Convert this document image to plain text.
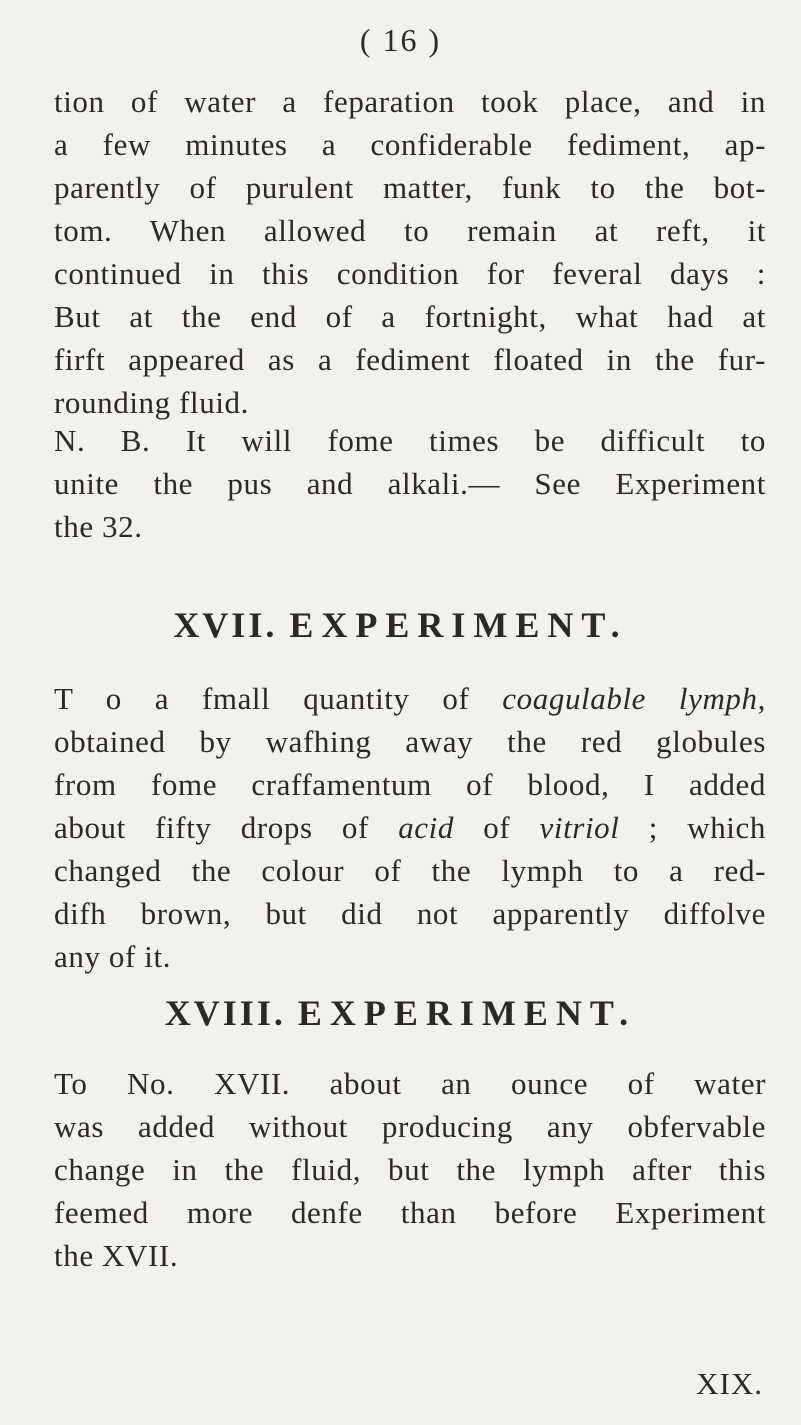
( 16 )

tion of water a feparation took place, and in
a few minutes a confiderable fediment, ap-
parently of purulent matter, funk to the bot-
tom. When allowed to remain at reft, it
continued in this condition for feveral days :
But at the end of a fortnight, what had at
firft appeared as a fediment floated in the fur-
rounding fluid.

N. B. It will fome times be difficult to
unite the pus and alkali.— See Experiment
the 32.

XVII. EXPERIMENT.

T o a fmall quantity of coagulable lymph,
obtained by wafhing away the red globules
from fome craffamentum of blood, I added
about fifty drops of acid of vitriol ; which
changed the colour of the lymph to a red-
difh brown, but did not apparently diffolve
any of it.

XVIII. EXPERIMENT.

To No. XVII. about an ounce of water
was added without producing any obfervable
change in the fluid, but the lymph after this
feemed more denfe than before Experiment
the XVII.

XIX.
